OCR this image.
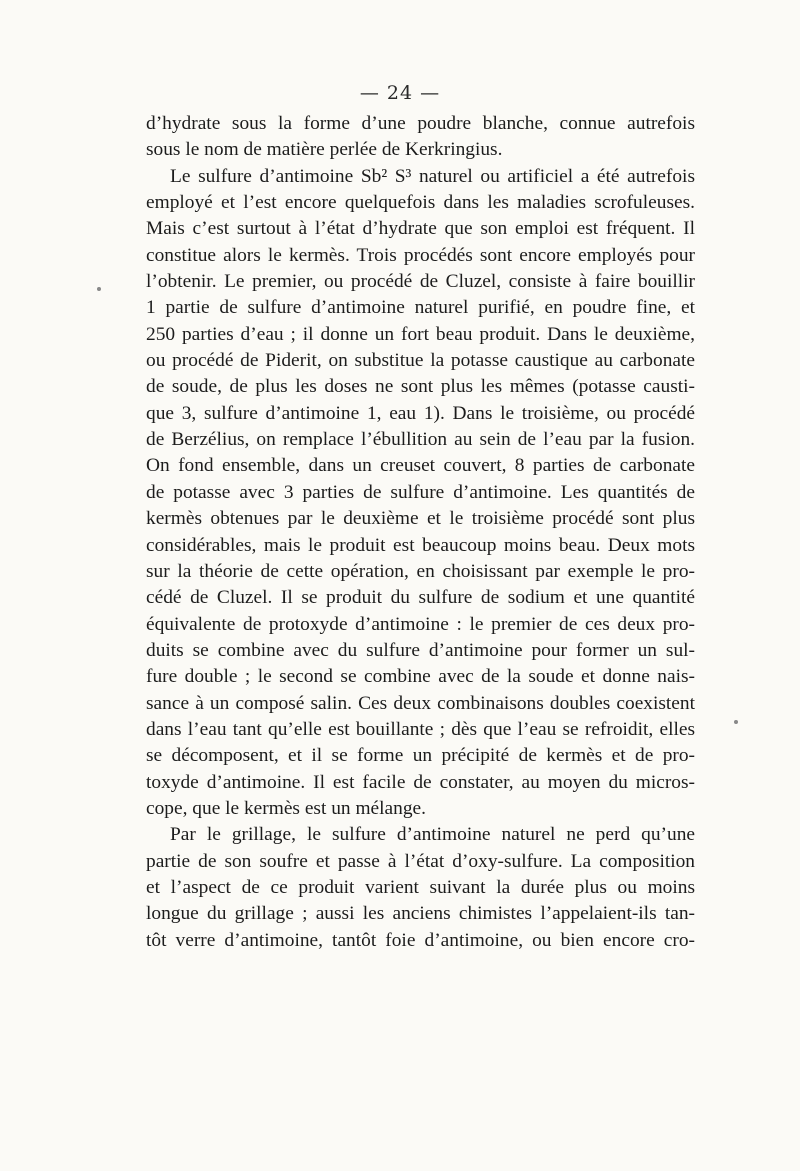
— 24 —
d’hydrate sous la forme d’une poudre blanche, connue autrefois
sous le nom de matière perlée de Kerkringius.
Le sulfure d’antimoine Sb² S³ naturel ou artificiel a été autrefois
employé et l’est encore quelquefois dans les maladies scrofuleuses.
Mais c’est surtout à l’état d’hydrate que son emploi est fréquent. Il
constitue alors le kermès. Trois procédés sont encore employés pour
l’obtenir. Le premier, ou procédé de Cluzel, consiste à faire bouillir
1 partie de sulfure d’antimoine naturel purifié, en poudre fine, et
250 parties d’eau ; il donne un fort beau produit. Dans le deuxième,
ou procédé de Piderit, on substitue la potasse caustique au carbonate
de soude, de plus les doses ne sont plus les mêmes (potasse causti-
que 3, sulfure d’antimoine 1, eau 1). Dans le troisième, ou procédé
de Berzélius, on remplace l’ébullition au sein de l’eau par la fusion.
On fond ensemble, dans un creuset couvert, 8 parties de carbonate
de potasse avec 3 parties de sulfure d’antimoine. Les quantités de
kermès obtenues par le deuxième et le troisième procédé sont plus
considérables, mais le produit est beaucoup moins beau. Deux mots
sur la théorie de cette opération, en choisissant par exemple le pro-
cédé de Cluzel. Il se produit du sulfure de sodium et une quantité
équivalente de protoxyde d’antimoine : le premier de ces deux pro-
duits se combine avec du sulfure d’antimoine pour former un sul-
fure double ; le second se combine avec de la soude et donne nais-
sance à un composé salin. Ces deux combinaisons doubles coexistent
dans l’eau tant qu’elle est bouillante ; dès que l’eau se refroidit, elles
se décomposent, et il se forme un précipité de kermès et de pro-
toxyde d’antimoine. Il est facile de constater, au moyen du micros-
cope, que le kermès est un mélange.
Par le grillage, le sulfure d’antimoine naturel ne perd qu’une
partie de son soufre et passe à l’état d’oxy-sulfure. La composition
et l’aspect de ce produit varient suivant la durée plus ou moins
longue du grillage ; aussi les anciens chimistes l’appelaient-ils tan-
tôt verre d’antimoine, tantôt foie d’antimoine, ou bien encore cro-
